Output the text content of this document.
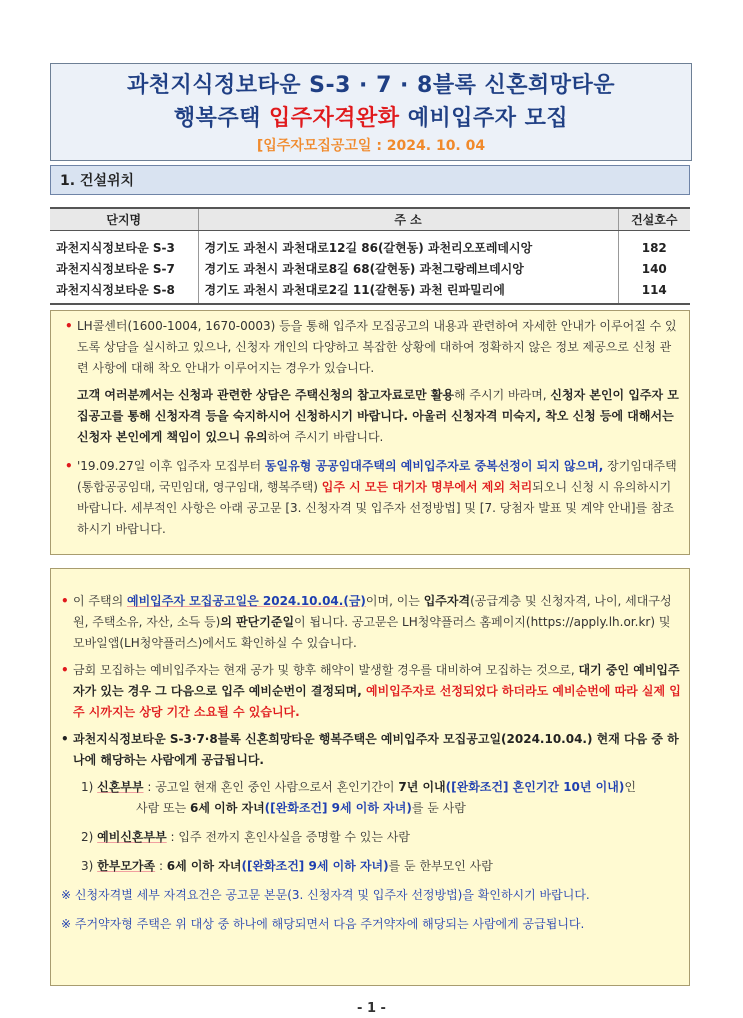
과천지식정보타운 S-3 · 7 · 8블록 신혼희망타운
행복주택 입주자격완화 예비입주자 모집
[입주자모집공고일 : 2024. 10. 04
1. 건설위치
단지명	주 소	건설호수
과천지식정보타운 S-3	경기도 과천시 과천대로12길 86(갈현동) 과천리오포레데시앙	182
과천지식정보타운 S-7	경기도 과천시 과천대로8길 68(갈현동) 과천그랑레브데시앙	140
과천지식정보타운 S-8	경기도 과천시 과천대로2길 11(갈현동) 과천 린파밀리에	114
• LH콜센터(1600-1004, 1670-0003) 등을 통해 입주자 모집공고의 내용과 관련하여 자세한 안내가 이루어질 수 있도록 상담을 실시하고 있으나, 신청자 개인의 다양하고 복잡한 상황에 대하여 정확하지 않은 정보 제공으로 신청 관련 사항에 대해 착오 안내가 이루어지는 경우가 있습니다.
고객 여러분께서는 신청과 관련한 상담은 주택신청의 참고자료로만 활용해 주시기 바라며, 신청자 본인이 입주자 모집공고를 통해 신청자격 등을 숙지하시어 신청하시기 바랍니다. 아울러 신청자격 미숙지, 착오 신청 등에 대해서는 신청자 본인에게 책임이 있으니 유의하여 주시기 바랍니다.
• '19.09.27일 이후 입주자 모집부터 동일유형 공공임대주택의 예비입주자로 중복선정이 되지 않으며, 장기임대주택(통합공공임대, 국민임대, 영구임대, 행복주택) 입주 시 모든 대기자 명부에서 제외 처리되오니 신청 시 유의하시기 바랍니다. 세부적인 사항은 아래 공고문 [3. 신청자격 및 입주자 선정방법] 및 [7. 당첨자 발표 및 계약 안내]를 참조하시기 바랍니다.
• 이 주택의 예비입주자 모집공고일은 2024.10.04.(금)이며, 이는 입주자격(공급계층 및 신청자격, 나이, 세대구성원, 주택소유, 자산, 소득 등)의 판단기준일이 됩니다. 공고문은 LH청약플러스 홈페이지(https://apply.lh.or.kr) 및 모바일앱(LH청약플러스)에서도 확인하실 수 있습니다.
• 금회 모집하는 예비입주자는 현재 공가 및 향후 해약이 발생할 경우를 대비하여 모집하는 것으로, 대기 중인 예비입주자가 있는 경우 그 다음으로 입주 예비순번이 결정되며, 예비입주자로 선정되었다 하더라도 예비순번에 따라 실제 입주 시까지는 상당 기간 소요될 수 있습니다.
• 과천지식정보타운 S-3·7·8블록 신혼희망타운 행복주택은 예비입주자 모집공고일(2024.10.04.) 현재 다음 중 하나에 해당하는 사람에게 공급됩니다.
1) 신혼부부 : 공고일 현재 혼인 중인 사람으로서 혼인기간이 7년 이내([완화조건] 혼인기간 10년 이내)인
사람 또는 6세 이하 자녀([완화조건] 9세 이하 자녀)를 둔 사람
2) 예비신혼부부 : 입주 전까지 혼인사실을 증명할 수 있는 사람
3) 한부모가족 : 6세 이하 자녀([완화조건] 9세 이하 자녀)를 둔 한부모인 사람
※ 신청자격별 세부 자격요건은 공고문 본문(3. 신청자격 및 입주자 선정방법)을 확인하시기 바랍니다.
※ 주거약자형 주택은 위 대상 중 하나에 해당되면서 다음 주거약자에 해당되는 사람에게 공급됩니다.
- 1 -
